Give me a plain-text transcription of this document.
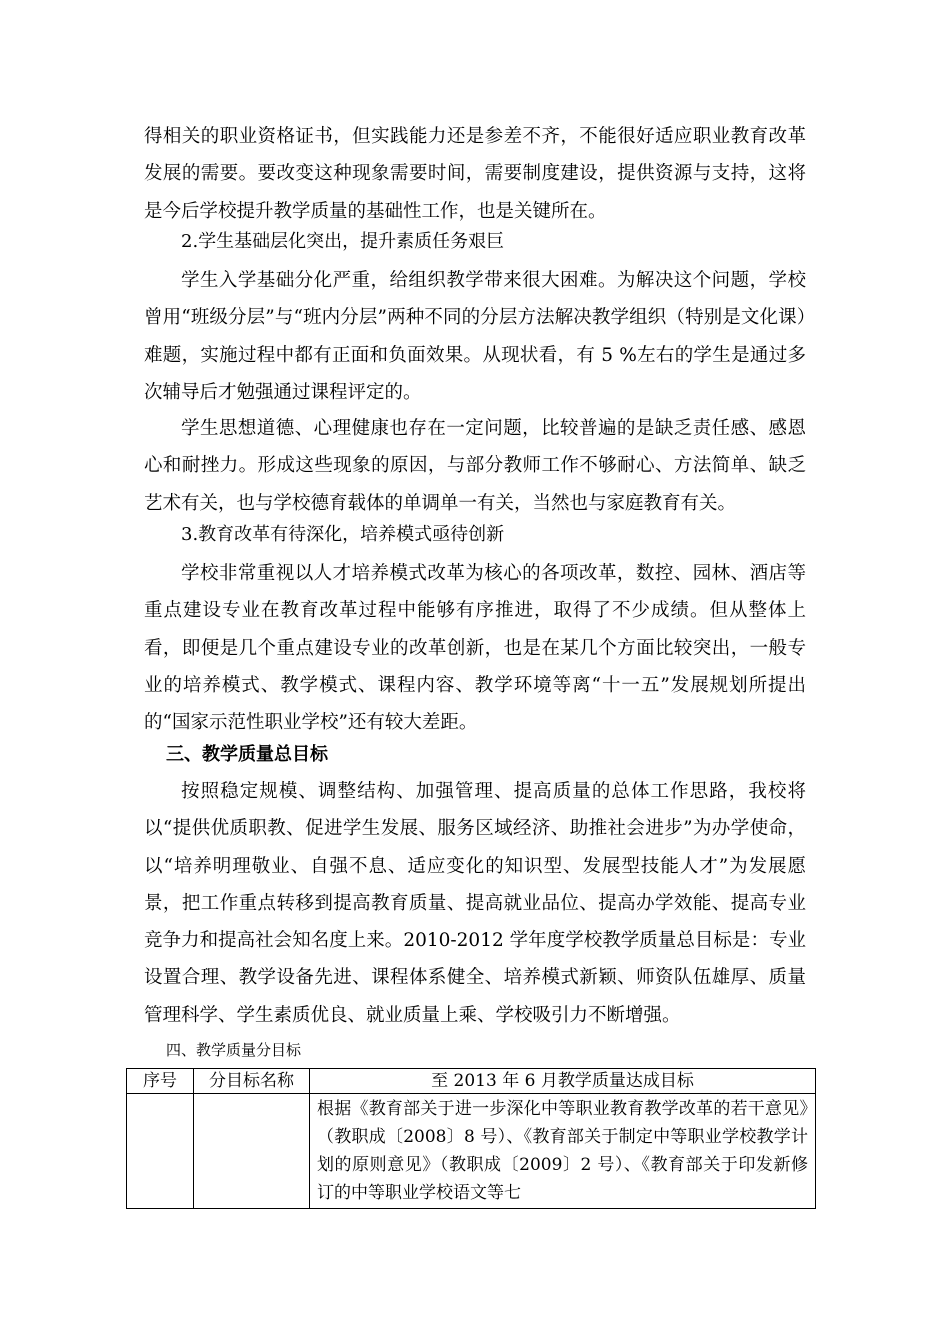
得相关的职业资格证书，但实践能力还是参差不齐，不能很好适应职业教育改革发展的需要。要改变这种现象需要时间，需要制度建设，提供资源与支持，这将是今后学校提升教学质量的基础性工作，也是关键所在。

2.学生基础层化突出，提升素质任务艰巨

学生入学基础分化严重，给组织教学带来很大困难。为解决这个问题，学校曾用“班级分层”与“班内分层”两种不同的分层方法解决教学组织（特别是文化课）难题，实施过程中都有正面和负面效果。从现状看，有 5 %左右的学生是通过多次辅导后才勉强通过课程评定的。

学生思想道德、心理健康也存在一定问题，比较普遍的是缺乏责任感、感恩心和耐挫力。形成这些现象的原因，与部分教师工作不够耐心、方法简单、缺乏艺术有关，也与学校德育载体的单调单一有关，当然也与家庭教育有关。

3.教育改革有待深化，培养模式亟待创新

学校非常重视以人才培养模式改革为核心的各项改革，数控、园林、酒店等重点建设专业在教育改革过程中能够有序推进，取得了不少成绩。但从整体上看，即便是几个重点建设专业的改革创新，也是在某几个方面比较突出，一般专业的培养模式、教学模式、课程内容、教学环境等离“十一五”发展规划所提出的“国家示范性职业学校”还有较大差距。

三、教学质量总目标

按照稳定规模、调整结构、加强管理、提高质量的总体工作思路，我校将以“提供优质职教、促进学生发展、服务区域经济、助推社会进步”为办学使命，以“培养明理敬业、自强不息、适应变化的知识型、发展型技能人才”为发展愿景，把工作重点转移到提高教育质量、提高就业品位、提高办学效能、提高专业竞争力和提高社会知名度上来。2010-2012 学年度学校教学质量总目标是：专业设置合理、教学设备先进、课程体系健全、培养模式新颖、师资队伍雄厚、质量管理科学、学生素质优良、就业质量上乘、学校吸引力不断增强。

四、教学质量分目标

序号	分目标名称	至 2013 年 6 月教学质量达成目标
		根据《教育部关于进一步深化中等职业教育教学改革的若干意见》（教职成〔2008〕8 号）、《教育部关于制定中等职业学校教学计划的原则意见》（教职成〔2009〕2 号）、《教育部关于印发新修订的中等职业学校语文等七
